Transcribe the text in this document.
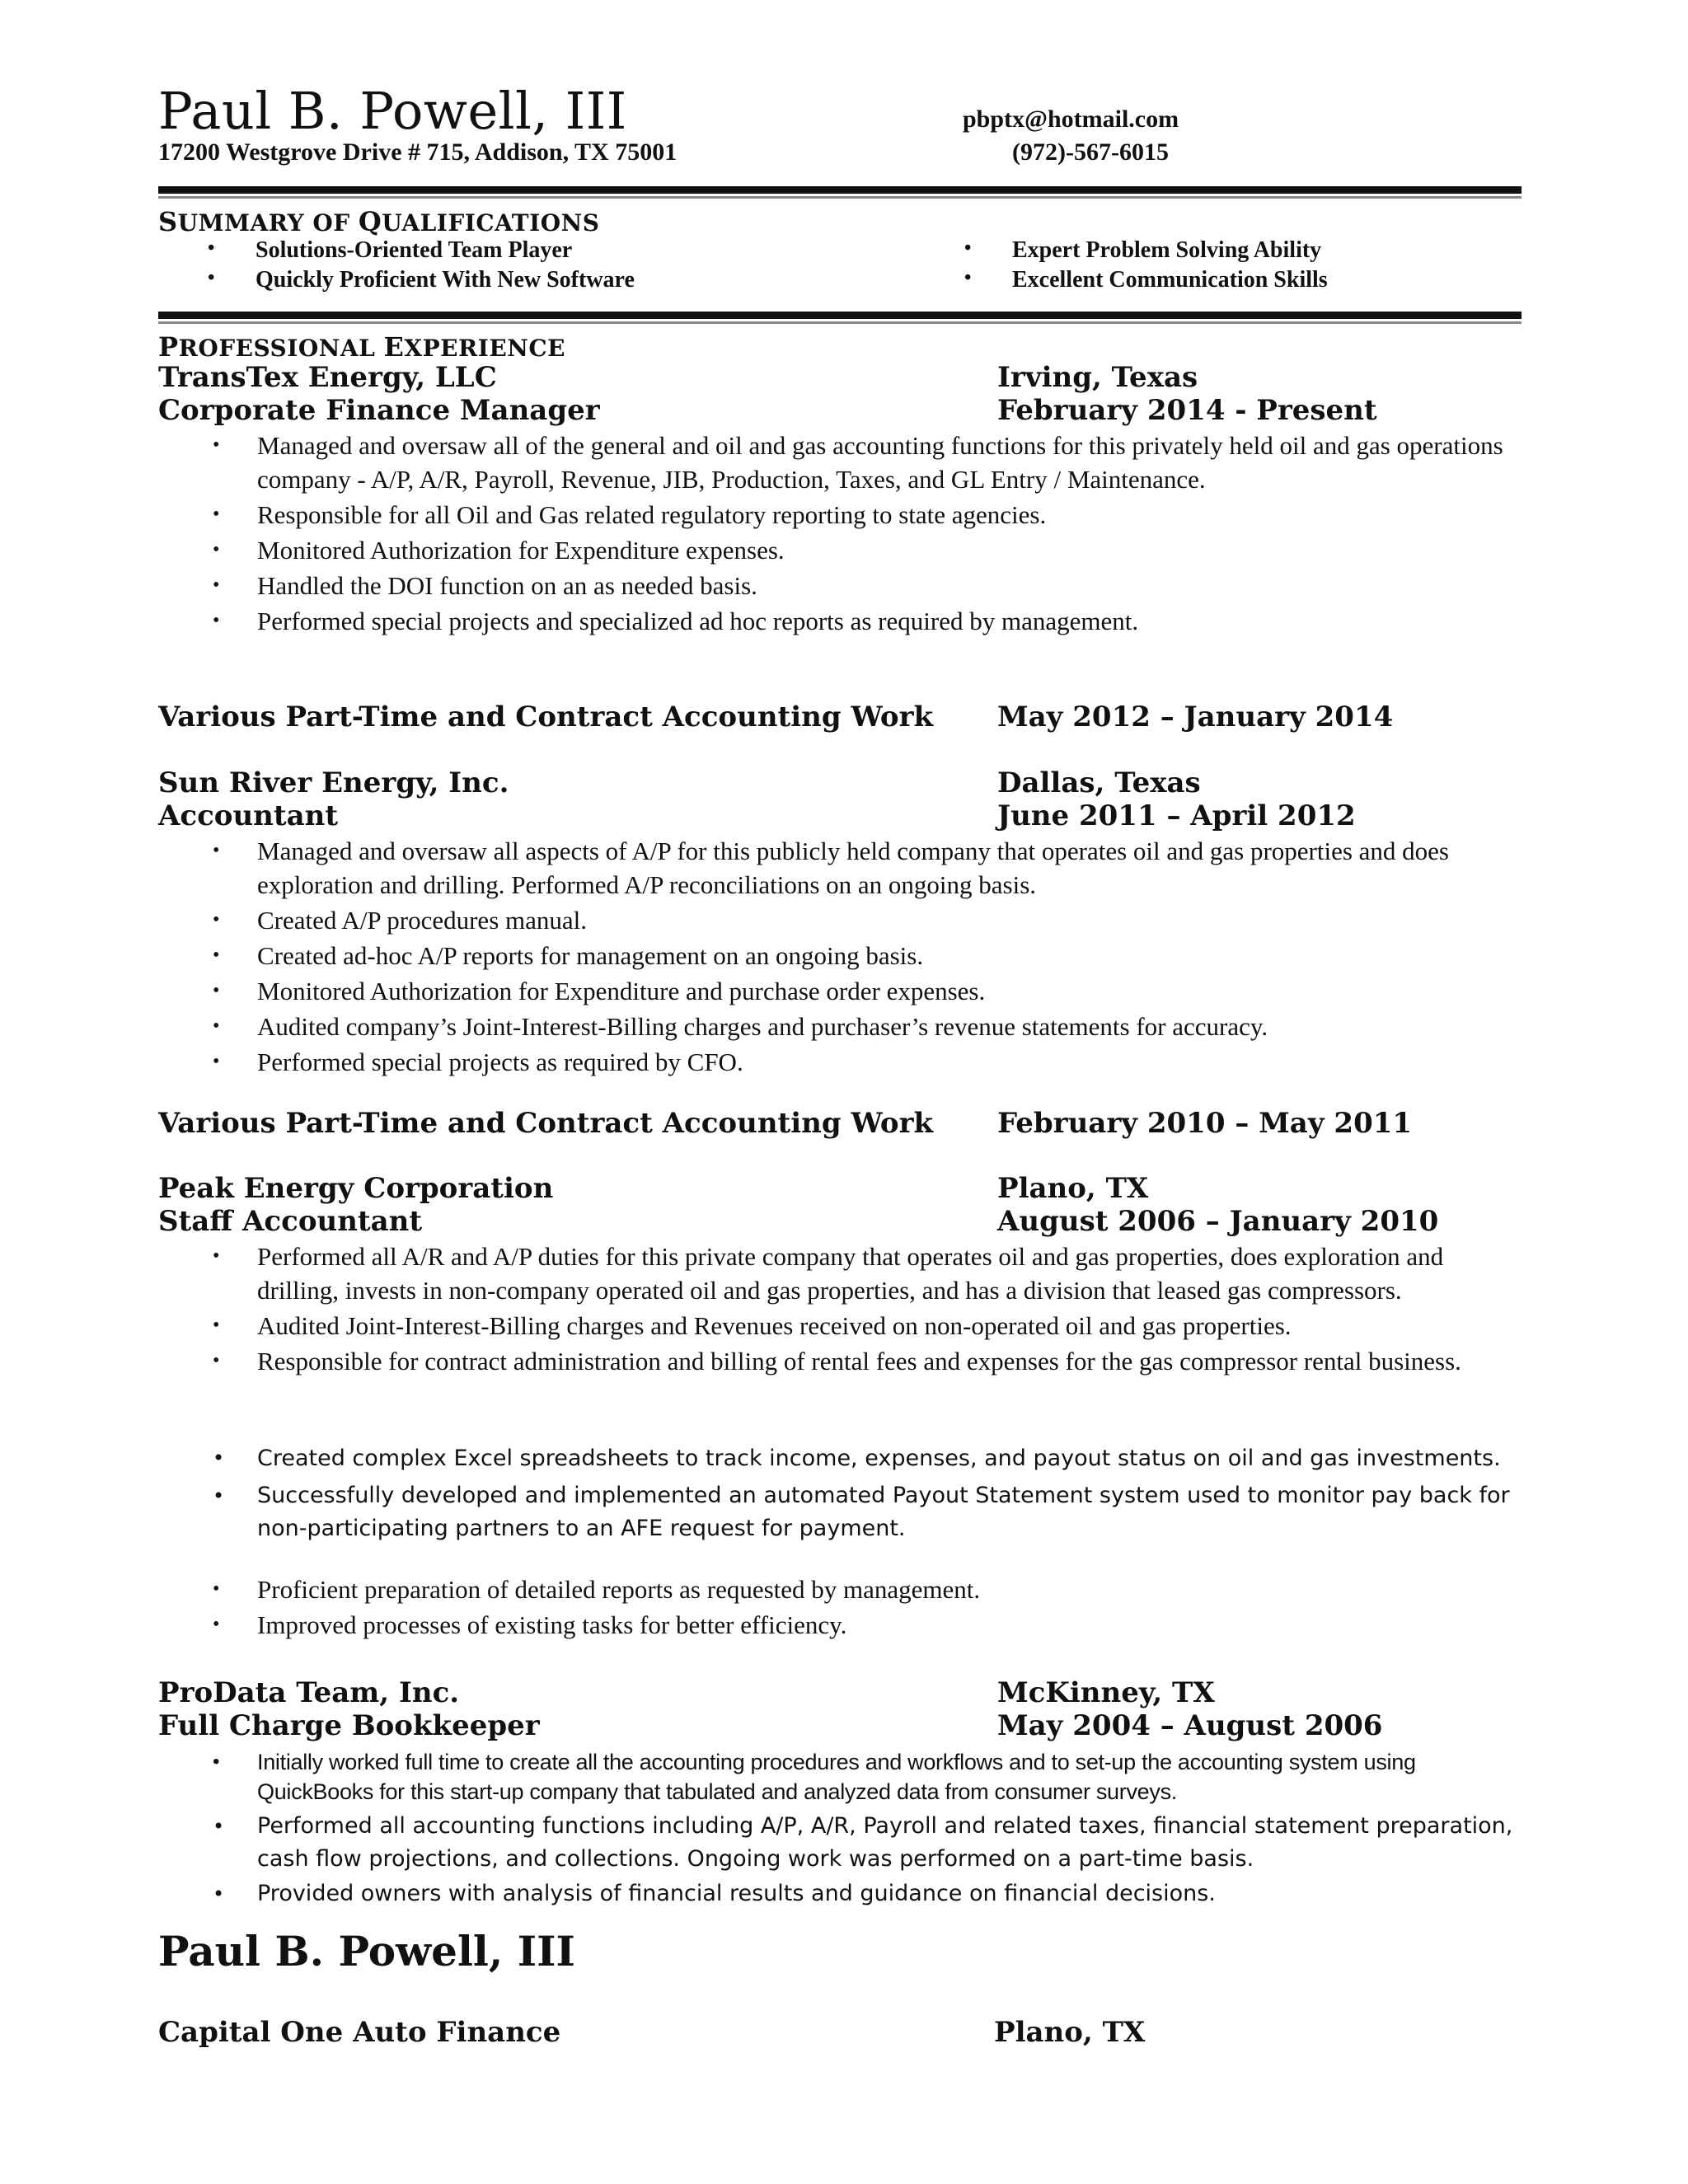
Paul B. Powell, III
17200 Westgrove Drive # 715, Addison, TX 75001
pbptx@hotmail.com
(972)-567-6015
SUMMARY OF QUALIFICATIONS
• Solutions-Oriented Team Player
• Quickly Proficient With New Software
• Expert Problem Solving Ability
• Excellent Communication Skills
PROFESSIONAL EXPERIENCE
TransTex Energy, LLC	Irving, Texas
Corporate Finance Manager	February 2014 - Present
• Managed and oversaw all of the general and oil and gas accounting functions for this privately held oil and gas operations company - A/P, A/R, Payroll, Revenue, JIB, Production, Taxes, and GL Entry / Maintenance.
• Responsible for all Oil and Gas related regulatory reporting to state agencies.
• Monitored Authorization for Expenditure expenses.
• Handled the DOI function on an as needed basis.
• Performed special projects and specialized ad hoc reports as required by management.
Various Part-Time and Contract Accounting Work May 2012 – January 2014
Sun River Energy, Inc.	Dallas, Texas
Accountant	June 2011 – April 2012
• Managed and oversaw all aspects of A/P for this publicly held company that operates oil and gas properties and does exploration and drilling. Performed A/P reconciliations on an ongoing basis.
• Created A/P procedures manual.
• Created ad-hoc A/P reports for management on an ongoing basis.
• Monitored Authorization for Expenditure and purchase order expenses.
• Audited company’s Joint-Interest-Billing charges and purchaser’s revenue statements for accuracy.
• Performed special projects as required by CFO.
Various Part-Time and Contract Accounting Work February 2010 – May 2011
Peak Energy Corporation	Plano, TX
Staff Accountant	August 2006 – January 2010
• Performed all A/R and A/P duties for this private company that operates oil and gas properties, does exploration and drilling, invests in non-company operated oil and gas properties, and has a division that leased gas compressors.
• Audited Joint-Interest-Billing charges and Revenues received on non-operated oil and gas properties.
• Responsible for contract administration and billing of rental fees and expenses for the gas compressor rental business.
• Created complex Excel spreadsheets to track income, expenses, and payout status on oil and gas investments.
• Successfully developed and implemented an automated Payout Statement system used to monitor pay back for non-participating partners to an AFE request for payment.
• Proficient preparation of detailed reports as requested by management.
• Improved processes of existing tasks for better efficiency.
ProData Team, Inc.	McKinney, TX
Full Charge Bookkeeper	May 2004 – August 2006
• Initially worked full time to create all the accounting procedures and workflows and to set-up the accounting system using QuickBooks for this start-up company that tabulated and analyzed data from consumer surveys.
• Performed all accounting functions including A/P, A/R, Payroll and related taxes, financial statement preparation, cash flow projections, and collections. Ongoing work was performed on a part-time basis.
• Provided owners with analysis of financial results and guidance on financial decisions.
Paul B. Powell, III
Capital One Auto Finance	Plano, TX
